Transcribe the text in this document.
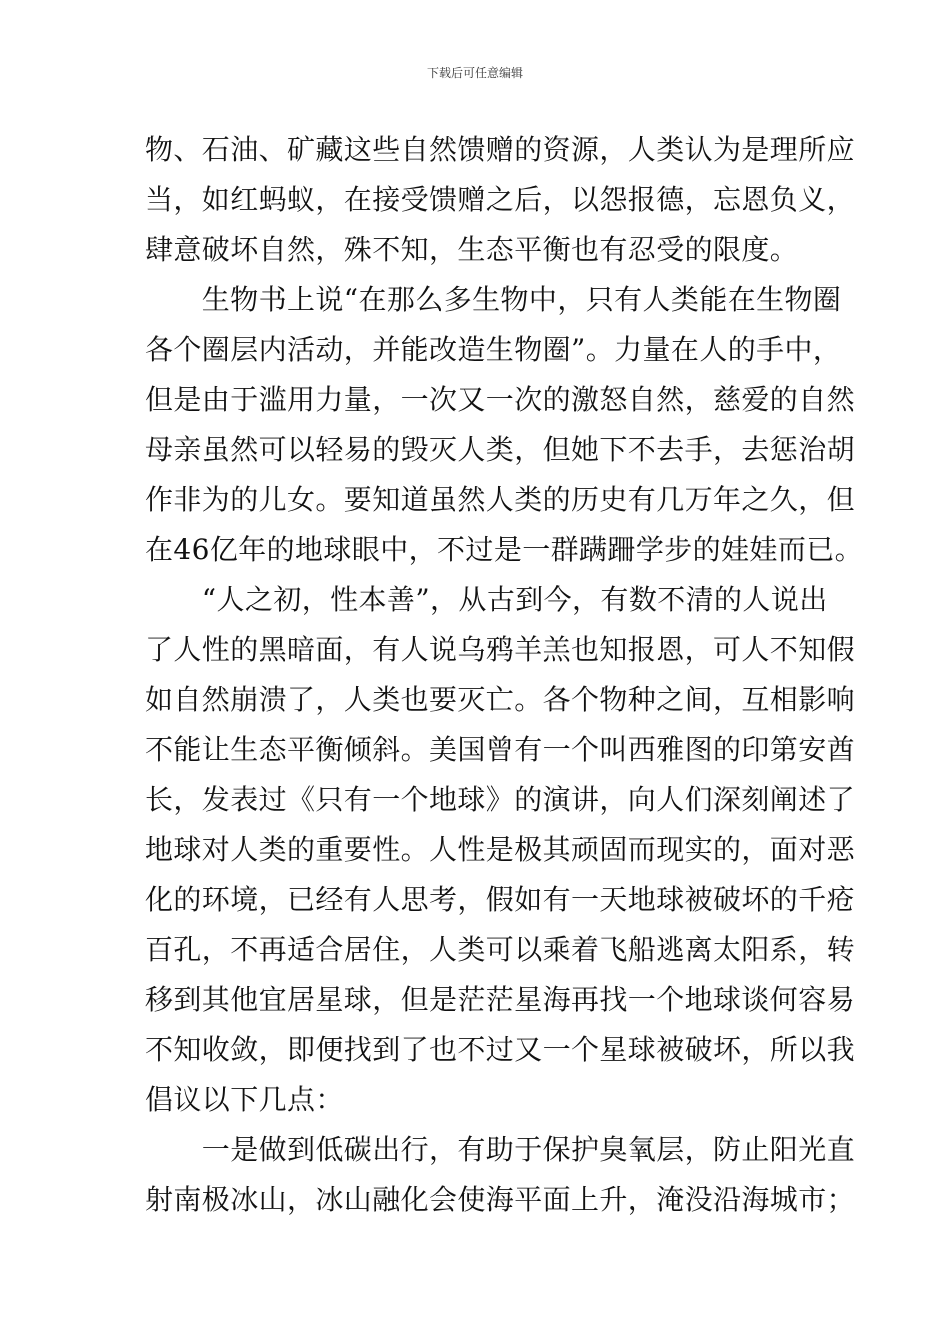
下载后可任意编辑
物、石油、矿藏这些自然馈赠的资源，人类认为是理所应
当，如红蚂蚁，在接受馈赠之后，以怨报德，忘恩负义，
肆意破坏自然，殊不知，生态平衡也有忍受的限度。
　　生物书上说“在那么多生物中，只有人类能在生物圈
各个圈层内活动，并能改造生物圈”。力量在人的手中，
但是由于滥用力量，一次又一次的激怒自然，慈爱的自然
母亲虽然可以轻易的毁灭人类，但她下不去手，去惩治胡
作非为的儿女。要知道虽然人类的历史有几万年之久，但
在46亿年的地球眼中，不过是一群蹒跚学步的娃娃而已。
　　“人之初，性本善”，从古到今，有数不清的人说出
了人性的黑暗面，有人说乌鸦羊羔也知报恩，可人不知假
如自然崩溃了，人类也要灭亡。各个物种之间，互相影响
不能让生态平衡倾斜。美国曾有一个叫西雅图的印第安酋
长，发表过《只有一个地球》的演讲，向人们深刻阐述了
地球对人类的重要性。人性是极其顽固而现实的，面对恶
化的环境，已经有人思考，假如有一天地球被破坏的千疮
百孔，不再适合居住，人类可以乘着飞船逃离太阳系，转
移到其他宜居星球，但是茫茫星海再找一个地球谈何容易
不知收敛，即便找到了也不过又一个星球被破坏，所以我
倡议以下几点：
　　一是做到低碳出行，有助于保护臭氧层，防止阳光直
射南极冰山，冰山融化会使海平面上升，淹没沿海城市；
